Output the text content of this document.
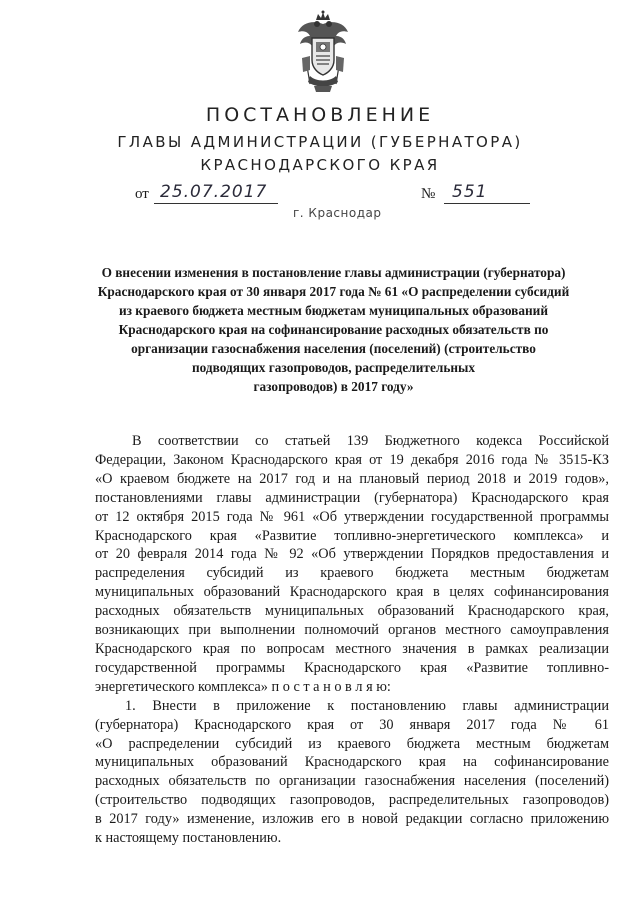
ПОСТАНОВЛЕНИЕ
ГЛАВЫ АДМИНИСТРАЦИИ (ГУБЕРНАТОРА)
КРАСНОДАРСКОГО КРАЯ
от 25.07.2017	№ 551
г. Краснодар
О внесении изменения в постановление главы администрации (губернатора)
Краснодарского края от 30 января 2017 года № 61 «О распределении субсидий
из краевого бюджета местным бюджетам муниципальных образований
Краснодарского края на софинансирование расходных обязательств по
организации газоснабжения населения (поселений) (строительство
подводящих газопроводов, распределительных
газопроводов) в 2017 году»
В соответствии со статьей 139 Бюджетного кодекса Российской
Федерации, Законом Краснодарского края от 19 декабря 2016 года № 3515-КЗ
«О краевом бюджете на 2017 год и на плановый период 2018 и 2019 годов»,
постановлениями главы администрации (губернатора) Краснодарского края
от 12 октября 2015 года № 961 «Об утверждении государственной программы
Краснодарского края «Развитие топливно-энергетического комплекса» и
от 20 февраля 2014 года № 92 «Об утверждении Порядков предоставления и
распределения субсидий из краевого бюджета местным бюджетам
муниципальных образований Краснодарского края в целях софинансирования
расходных обязательств муниципальных образований Краснодарского края,
возникающих при выполнении полномочий органов местного самоуправления
Краснодарского края по вопросам местного значения в рамках реализации
государственной программы Краснодарского края «Развитие топливно-
энергетического комплекса» п о с т а н о в л я ю:
1. Внести в приложение к постановлению главы администрации
(губернатора) Краснодарского края от 30 января 2017 года № 61
«О распределении субсидий из краевого бюджета местным бюджетам
муниципальных образований Краснодарского края на софинансирование
расходных обязательств по организации газоснабжения населения (поселений)
(строительство подводящих газопроводов, распределительных газопроводов)
в 2017 году» изменение, изложив его в новой редакции согласно приложению
к настоящему постановлению.
